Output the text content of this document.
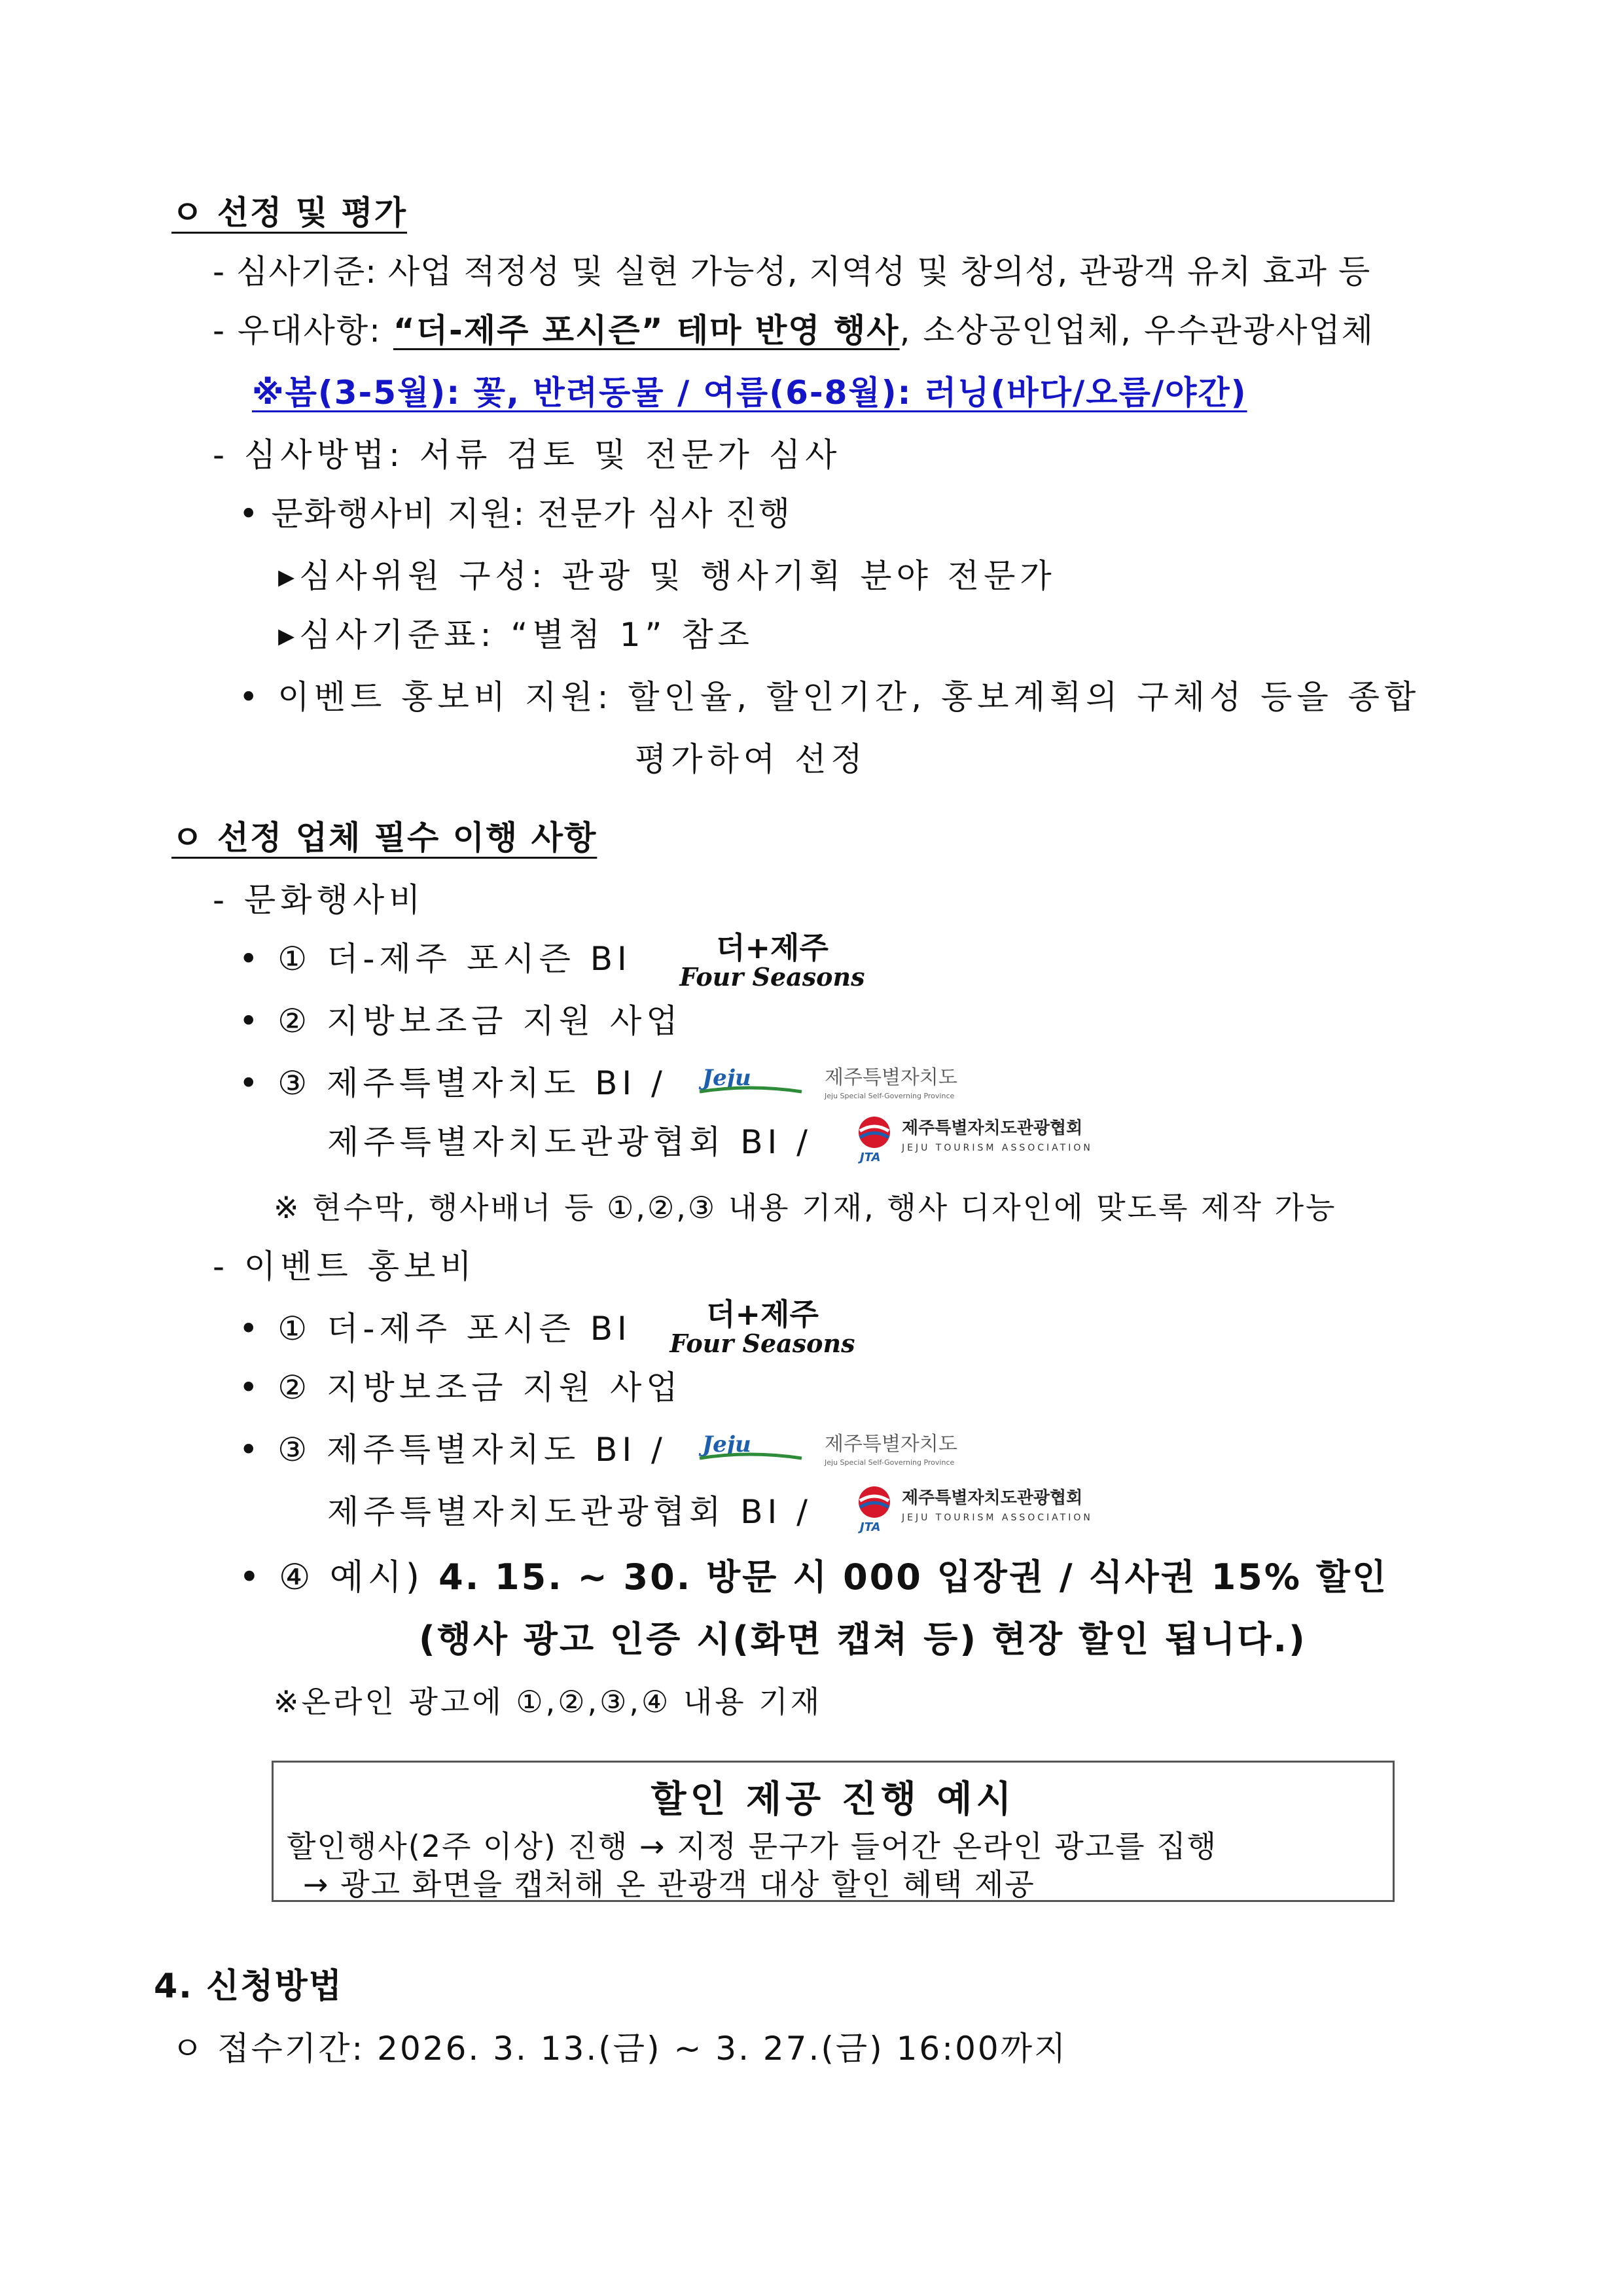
ㅇ 선정 및 평가
- 심사기준: 사업 적정성 및 실현 가능성, 지역성 및 창의성, 관광객 유치 효과 등
- 우대사항: “더-제주 포시즌” 테마 반영 행사, 소상공인업체, 우수관광사업체
※봄(3-5월): 꽃, 반려동물 / 여름(6-8월): 러닝(바다/오름/야간)
- 심사방법: 서류 검토 및 전문가 심사
• 문화행사비 지원: 전문가 심사 진행
▸심사위원 구성: 관광 및 행사기획 분야 전문가
▸심사기준표: “별첨 1” 참조
• 이벤트 홍보비 지원: 할인율, 할인기간, 홍보계획의 구체성 등을 종합
평가하여 선정
ㅇ 선정 업체 필수 이행 사항
- 문화행사비
• ① 더-제주 포시즌 BI	더+제주
Four Seasons
• ② 지방보조금 지원 사업
• ③ 제주특별자치도 BI / Jeju	제주특별자치도
Jeju Special Self-Governing Province
제주특별자치도관광협회 BI /	JTA
제주특별자치도관광협회
JEJU TOURISM ASSOCIATION
※ 현수막, 행사배너 등 ①,②,③ 내용 기재, 행사 디자인에 맞도록 제작 가능
- 이벤트 홍보비
• ① 더-제주 포시즌 BI 더+제주
Four Seasons
• ② 지방보조금 지원 사업
• ③ 제주특별자치도 BI / Jeju	제주특별자치도
Jeju Special Self-Governing Province
제주특별자치도관광협회 BI /	JTA
제주특별자치도관광협회
JEJU TOURISM ASSOCIATION
• ④ 예시) 4. 15. ~ 30. 방문 시 000 입장권 / 식사권 15% 할인
(행사 광고 인증 시(화면 캡쳐 등) 현장 할인 됩니다.)
※온라인 광고에 ①,②,③,④ 내용 기재
할인 제공 진행 예시
할인행사(2주 이상) 진행 → 지정 문구가 들어간 온라인 광고를 집행
→ 광고 화면을 캡처해 온 관광객 대상 할인 혜택 제공
4. 신청방법
ㅇ 접수기간: 2026. 3. 13.(금) ~ 3. 27.(금) 16:00까지
